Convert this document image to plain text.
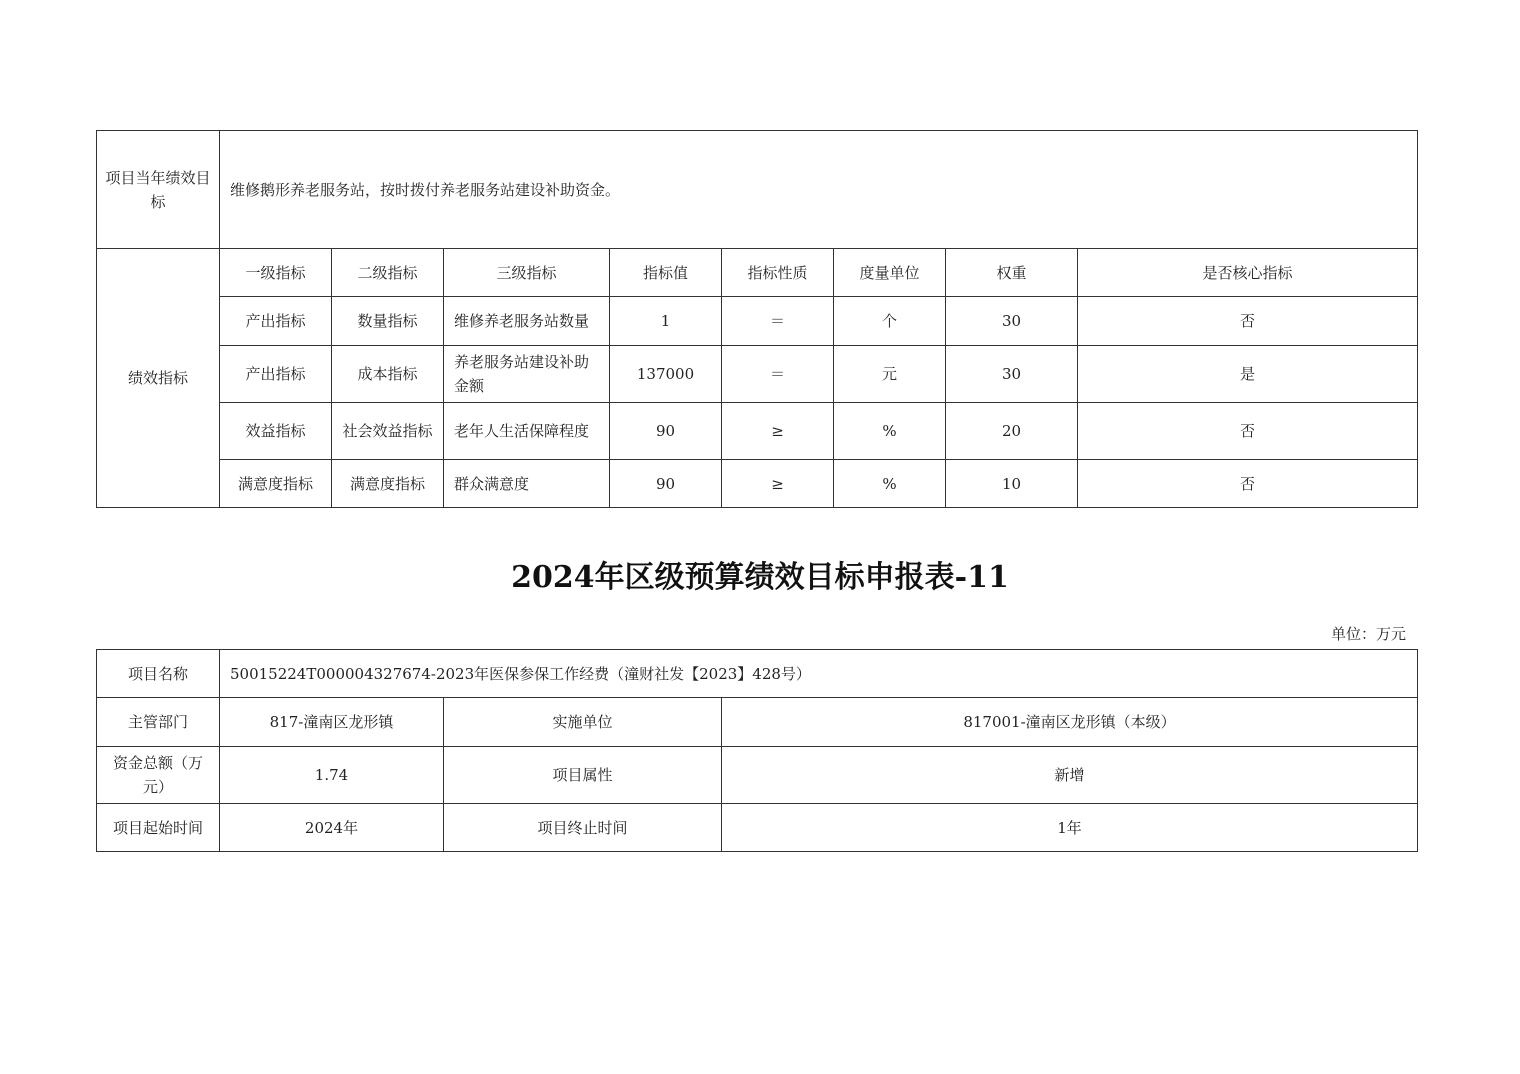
项目当年绩效目标	维修鹅形养老服务站，按时拨付养老服务站建设补助资金。							
绩效指标	一级指标	二级指标	三级指标	指标值	指标性质	度量单位	权重	是否核心指标
	产出指标	数量指标	维修养老服务站数量	1	＝	个	30	否
	产出指标	成本指标	养老服务站建设补助金额	137000	＝	元	30	是
	效益指标	社会效益指标	老年人生活保障程度	90	≥	%	20	否
	满意度指标	满意度指标	群众满意度	90	≥	%	10	否
2024年区级预算绩效目标申报表-11
单位：万元
项目名称	50015224T000004327674-2023年医保参保工作经费（潼财社发【2023】428号）		
主管部门	817-潼南区龙形镇	实施单位	817001-潼南区龙形镇（本级）
资金总额（万元）	1.74	项目属性	新增
项目起始时间	2024年	项目终止时间	1年
